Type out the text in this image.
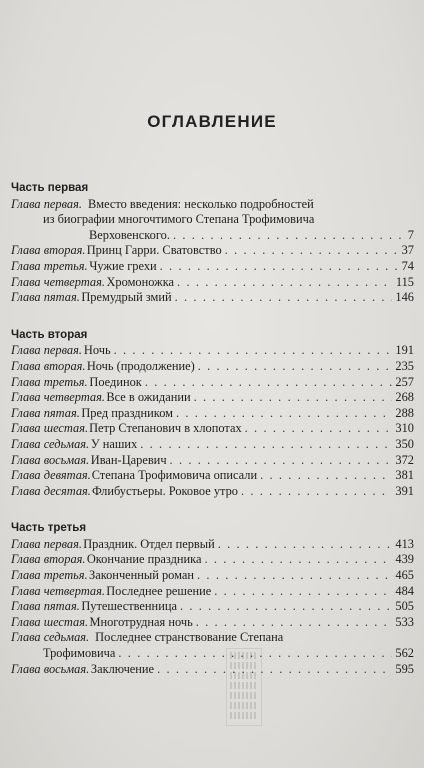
ОГЛАВЛЕНИЕ
Часть первая
Глава первая. Вместо введения: несколько подробностей
из биографии многочтимого Степана Трофимовича
Верховенского. . . .	7
Глава вторая. Принц Гарри. Сватовство . . .	37
Глава третья. Чужие грехи . . .	74
Глава четвертая. Хромоножка . . .	115
Глава пятая. Премудрый змий . . .	146
Часть вторая
Глава первая. Ночь . . .	191
Глава вторая. Ночь (продолжение) . . .	235
Глава третья. Поединок . . .	257
Глава четвертая. Все в ожидании . . .	268
Глава пятая. Пред праздником . . .	288
Глава шестая. Петр Степанович в хлопотах . . .	310
Глава седьмая. У наших . . .	350
Глава восьмая. Иван-Царевич . . .	372
Глава девятая. Степана Трофимовича описали . . .	381
Глава десятая. Флибустьеры. Роковое утро . . .	391
Часть третья
Глава первая. Праздник. Отдел первый . . .	413
Глава вторая. Окончание праздника . . .	439
Глава третья. Законченный роман . . .	465
Глава четвертая. Последнее решение . . .	484
Глава пятая. Путешественница . . .	505
Глава шестая. Многотрудная ночь . . .	533
Глава седьмая. Последнее странствование Степана
Трофимовича . . .	562
Глава восьмая. Заключение . . .	595
